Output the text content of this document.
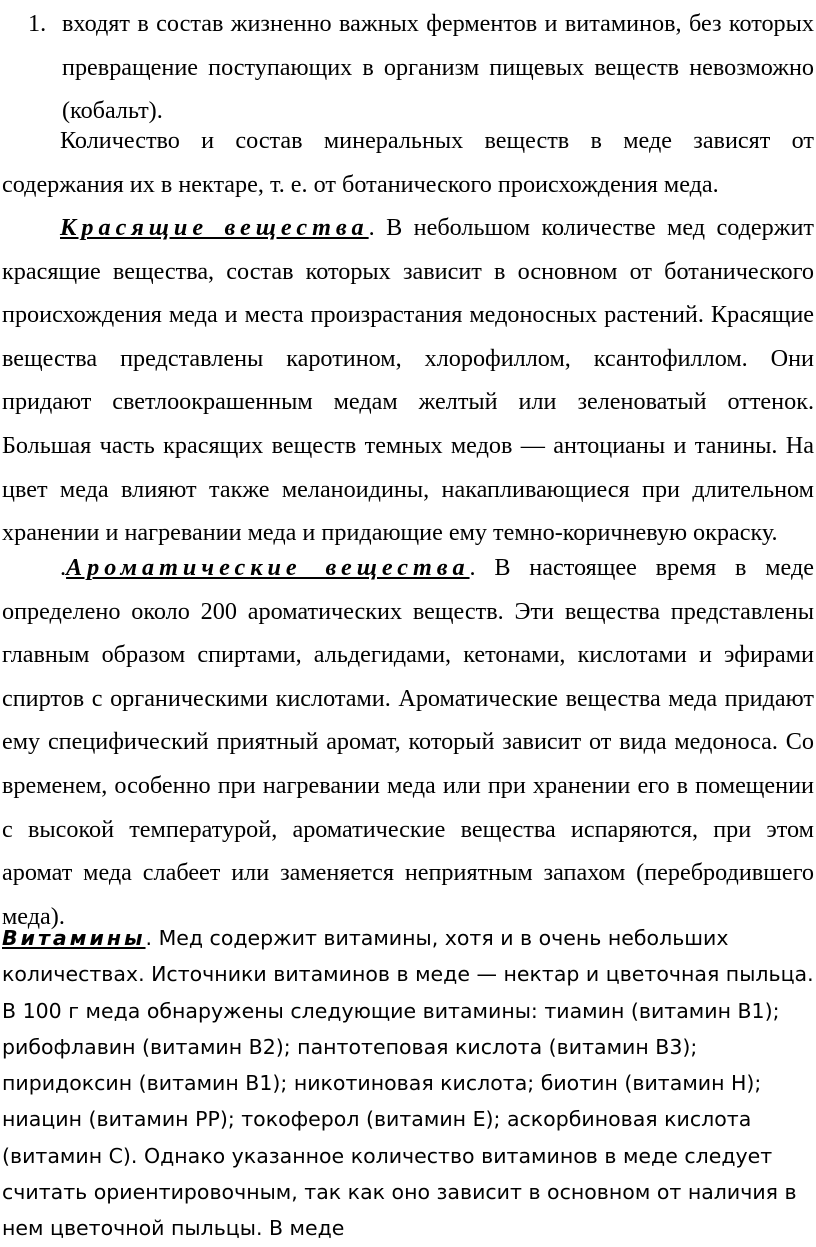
1. входят в состав жизненно важных ферментов и витаминов, без которых превращение поступающих в организм пищевых веществ невозможно (кобальт).

Количество и состав минеральных веществ в меде зависят от содержания их в нектаре, т. е. от ботанического происхождения меда.

Красящие вещества. В небольшом количестве мед содержит красящие вещества, состав которых зависит в основном от ботанического происхождения меда и места произрастания медоносных растений. Красящие вещества представлены каротином, хлорофиллом, ксантофиллом. Они придают светлоокрашенным медам желтый или зеленоватый оттенок. Большая часть красящих веществ темных медов — антоцианы и танины. На цвет меда влияют также меланоидины, накапливающиеся при длительном хранении и нагревании меда и придающие ему темно-коричневую окраску.

.Ароматические вещества. В настоящее время в меде определено около 200 ароматических веществ. Эти вещества представлены главным образом спиртами, альдегидами, кетонами, кислотами и эфирами спиртов с органическими кислотами. Ароматические вещества меда придают ему специфический приятный аромат, который зависит от вида медоноса. Со временем, особенно при нагревании меда или при хранении его в помещении с высокой температурой, ароматические вещества испаряются, при этом аромат меда слабеет или заменяется неприятным запахом (перебродившего меда).

Витамины. Мед содержит витамины, хотя и в очень небольших количествах. Источники витаминов в меде — нектар и цветочная пыльца. В 100 г меда обнаружены следующие витамины: тиамин (витамин В1); рибофлавин (витамин В2); пантотеповая кислота (витамин В3); пиридоксин (витамин В1); никотиновая кислота; биотин (витамин Н); ниацин (витамин РР); токоферол (витамин Е); аскорбиновая кислота (витамин С). Однако указанное количество витаминов в меде следует считать ориентировочным, так как оно зависит в основном от наличия в нем цветочной пыльцы. В меде
